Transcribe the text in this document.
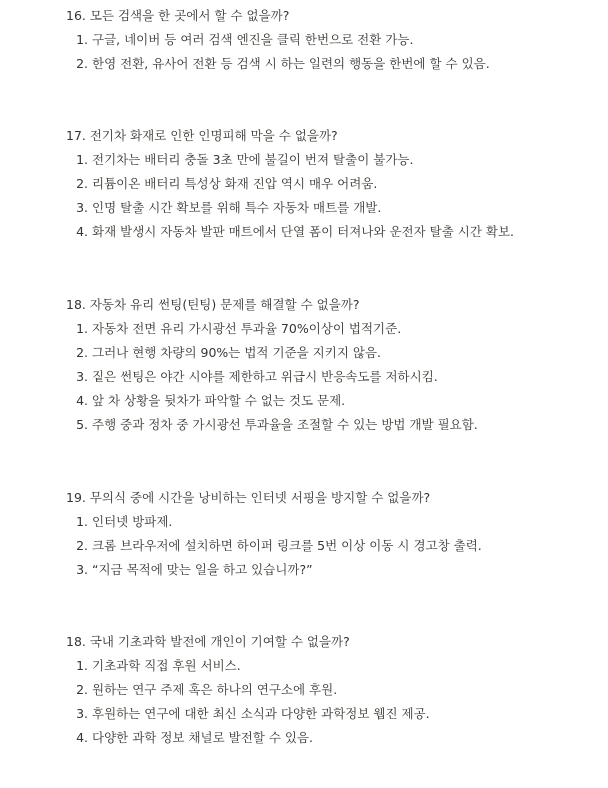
16. 모든 검색을 한 곳에서 할 수 없을까?
1. 구글, 네이버 등 여러 검색 엔진을 클릭 한번으로 전환 가능.
2. 한영 전환, 유사어 전환 등 검색 시 하는 일련의 행동을 한번에 할 수 있음.
17. 전기차 화재로 인한 인명피해 막을 수 없을까?
1. 전기차는 배터리 충돌 3초 만에 불길이 번져 탈출이 불가능.
2. 리튬이온 배터리 특성상 화재 진압 역시 매우 어려움.
3. 인명 탈출 시간 확보를 위해 특수 자동차 매트를 개발.
4. 화재 발생시 자동차 발판 매트에서 단열 폼이 터져나와 운전자 탈출 시간 확보.
18. 자동차 유리 썬팅(틴팅) 문제를 해결할 수 없을까?
1. 자동차 전면 유리 가시광선 투과율 70%이상이 법적기준.
2. 그러나 현행 차량의 90%는 법적 기준을 지키지 않음.
3. 짙은 썬팅은 야간 시야를 제한하고 위급시 반응속도를 저하시킴.
4. 앞 차 상황을 뒷차가 파악할 수 없는 것도 문제.
5. 주행 중과 정차 중 가시광선 투과율을 조절할 수 있는 방법 개발 필요함.
19. 무의식 중에 시간을 낭비하는 인터넷 서핑을 방지할 수 없을까?
1. 인터넷 방파제.
2. 크롬 브라우저에 설치하면 하이퍼 링크를 5번 이상 이동 시 경고창 출력.
3. “지금 목적에 맞는 일을 하고 있습니까?”
18. 국내 기초과학 발전에 개인이 기여할 수 없을까?
1. 기초과학 직접 후원 서비스.
2. 원하는 연구 주제 혹은 하나의 연구소에 후원.
3. 후원하는 연구에 대한 최신 소식과 다양한 과학정보 웹진 제공.
4. 다양한 과학 정보 채널로 발전할 수 있음.
